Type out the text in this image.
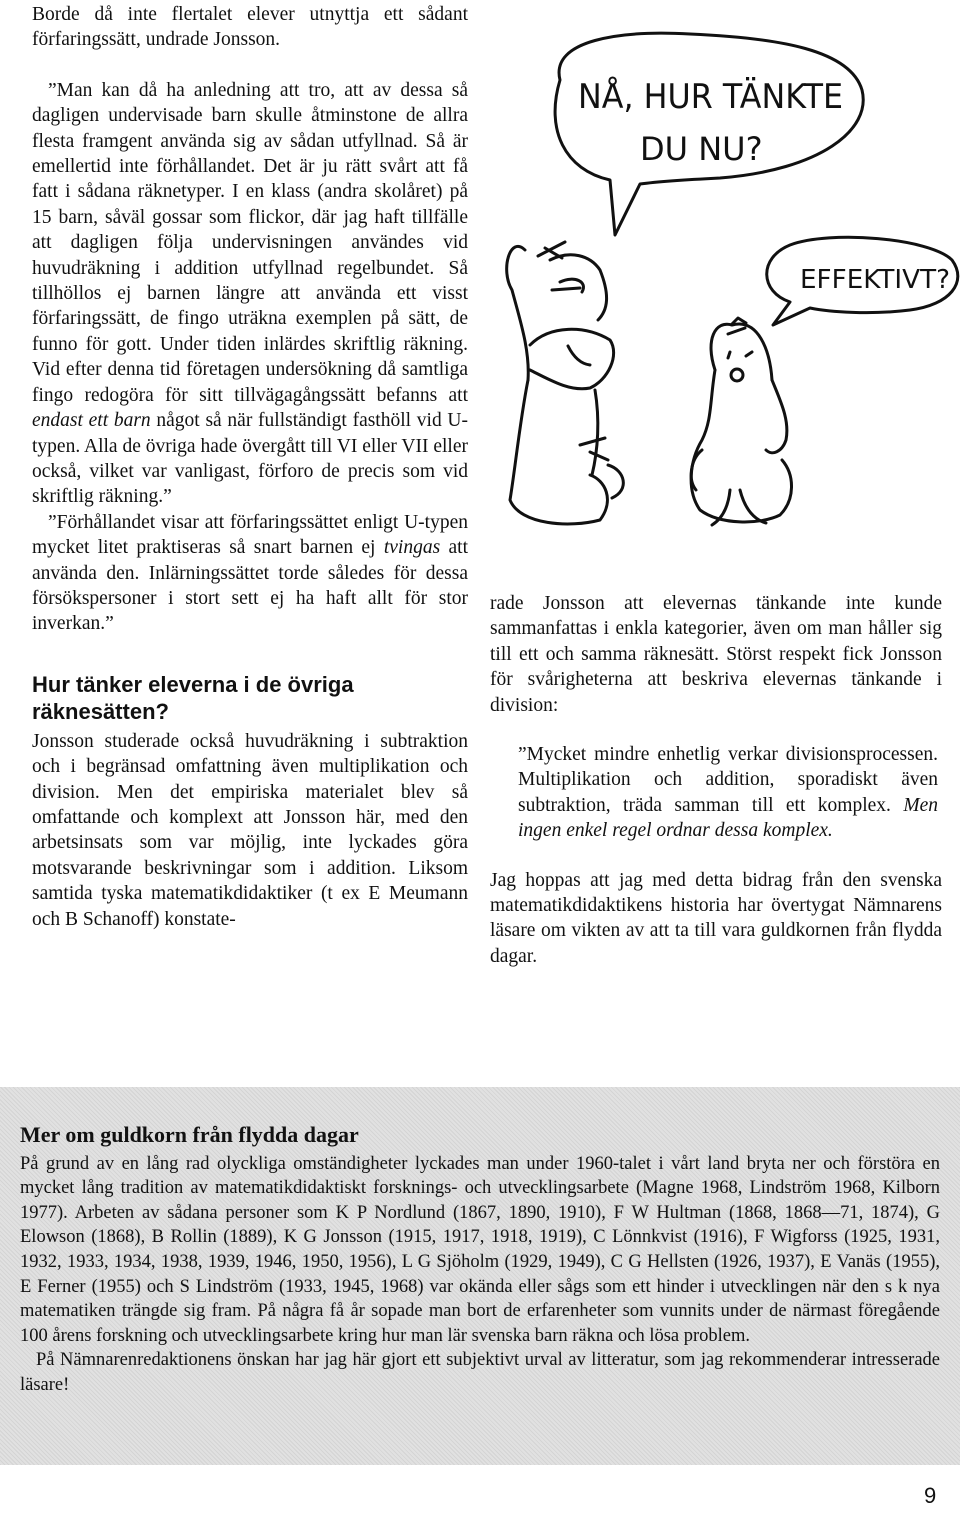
Borde då inte flertalet elever utnyttja ett sådant förfaringssätt, undrade Jonsson.

”Man kan då ha anledning att tro, att av dessa så dagligen undervisade barn skulle åtminstone de allra flesta framgent använda sig av sådan utfyllnad. Så är emellertid inte förhållandet. Det är ju rätt svårt att få fatt i sådana räknetyper. I en klass (andra skolåret) på 15 barn, såväl gossar som flickor, där jag haft tillfälle att dagligen följa undervisningen användes vid huvudräkning i addition utfyllnad regelbundet. Så tillhöllos ej barnen längre att använda ett visst förfaringssätt, de fingo uträkna exemplen på sätt, de funno för gott. Under tiden inlärdes skriftlig räkning. Vid efter denna tid företagen undersökning då samtliga fingo redogöra för sitt tillvägagångssätt befanns att endast ett barn något så när fullständigt fasthöll vid U-typen. Alla de övriga hade övergått till VI eller VII eller också, vilket var vanligast, förforo de precis som vid skriftlig räkning.”

”Förhållandet visar att förfaringssättet enligt U-typen mycket litet praktiseras så snart barnen ej tvingas att använda den. Inlärningssättet torde således för dessa försökspersoner i stort sett ej ha haft allt för stor inverkan.”

Hur tänker eleverna i de övriga räknesätten?

Jonsson studerade också huvudräkning i subtraktion och i begränsad omfattning även multiplikation och division. Men det empiriska materialet blev så omfattande och komplext att Jonsson här, med den arbetsinsats som var möjlig, inte lyckades göra motsvarande beskrivningar som i addition. Liksom samtida tyska matematikdidaktiker (t ex E Meumann och B Schanoff) konstate-

NÅ, HUR TÄNKTE
DU NU?
EFFEKTIVT?

rade Jonsson att elevernas tänkande inte kunde sammanfattas i enkla kategorier, även om man håller sig till ett och samma räknesätt. Störst respekt fick Jonsson för svårigheterna att beskriva elevernas tänkande i division:

”Mycket mindre enhetlig verkar divisionsprocessen. Multiplikation och addition, sporadiskt även subtraktion, träda samman till ett komplex. Men ingen enkel regel ordnar dessa komplex.

Jag hoppas att jag med detta bidrag från den svenska matematikdidaktikens historia har övertygat Nämnarens läsare om vikten av att ta till vara guldkornen från flydda dagar.

Mer om guldkorn från flydda dagar

På grund av en lång rad olyckliga omständigheter lyckades man under 1960-talet i vårt land bryta ner och förstöra en mycket lång tradition av matematikdidaktiskt forsknings- och utvecklingsarbete (Magne 1968, Lindström 1968, Kilborn 1977). Arbeten av sådana personer som K P Nordlund (1867, 1890, 1910), F W Hultman (1868, 1868—71, 1874), G Elowson (1868), B Rollin (1889), K G Jonsson (1915, 1917, 1918, 1919), C Lönnkvist (1916), F Wigforss (1925, 1931, 1932, 1933, 1934, 1938, 1939, 1946, 1950, 1956), L G Sjöholm (1929, 1949), C G Hellsten (1926, 1937), E Vanäs (1955), E Ferner (1955) och S Lindström (1933, 1945, 1968) var okända eller sågs som ett hinder i utvecklingen när den s k nya matematiken trängde sig fram. På några få år sopade man bort de erfarenheter som vunnits under de närmast föregående 100 årens forskning och utvecklingsarbete kring hur man lär svenska barn räkna och lösa problem.

På Nämnarenredaktionens önskan har jag här gjort ett subjektivt urval av litteratur, som jag rekommenderar intresserade läsare!

9
